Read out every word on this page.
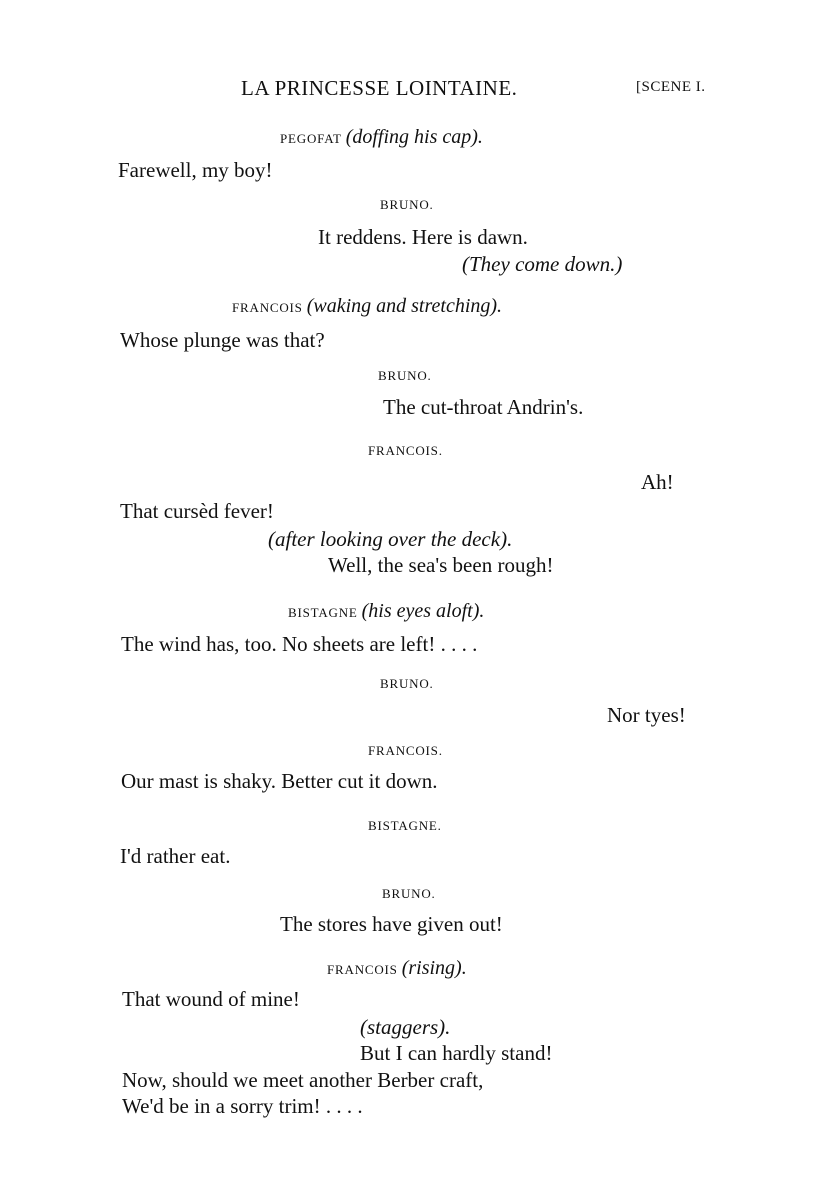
LA PRINCESSE LOINTAINE.	[SCENE I.
PEGOFAT (doffing his cap).
Farewell, my boy!
BRUNO.
It reddens. Here is dawn.
(They come down.)
FRANCOIS (waking and stretching).
Whose plunge was that?
BRUNO.
The cut-throat Andrin's.
FRANCOIS.
Ah!
That cursèd fever!
(after looking over the deck).
Well, the sea's been rough!
BISTAGNE (his eyes aloft).
The wind has, too. No sheets are left! . . . .
BRUNO.
Nor tyes!
FRANCOIS.
Our mast is shaky. Better cut it down.
BISTAGNE.
I'd rather eat.
BRUNO.
The stores have given out!
FRANCOIS (rising).
That wound of mine!
(staggers).
But I can hardly stand!
Now, should we meet another Berber craft,
We'd be in a sorry trim! . . . .
